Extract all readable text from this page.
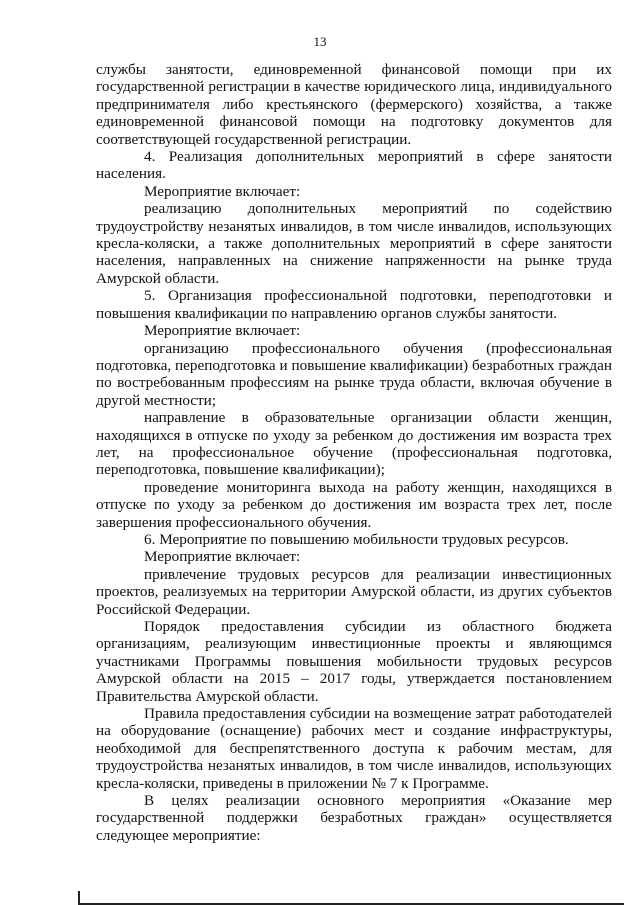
13

службы занятости, единовременной финансовой помощи при их государственной регистрации в качестве юридического лица, индивидуального предпринимателя либо крестьянского (фермерского) хозяйства, а также единовременной финансовой помощи на подготовку документов для соответствующей государственной регистрации.

4. Реализация дополнительных мероприятий в сфере занятости населения.

Мероприятие включает:

реализацию дополнительных мероприятий по содействию трудоустройству незанятых инвалидов, в том числе инвалидов, использующих кресла-коляски, а также дополнительных мероприятий в сфере занятости населения, направленных на снижение напряженности на рынке труда Амурской области.

5. Организация профессиональной подготовки, переподготовки и повышения квалификации по направлению органов службы занятости.

Мероприятие включает:

организацию профессионального обучения (профессиональная подготовка, переподготовка и повышение квалификации) безработных граждан по востребованным профессиям на рынке труда области, включая обучение в другой местности;

направление в образовательные организации области женщин, находящихся в отпуске по уходу за ребенком до достижения им возраста трех лет, на профессиональное обучение (профессиональная подготовка, переподготовка, повышение квалификации);

проведение мониторинга выхода на работу женщин, находящихся в отпуске по уходу за ребенком до достижения им возраста трех лет, после завершения профессионального обучения.

6. Мероприятие по повышению мобильности трудовых ресурсов.

Мероприятие включает:

привлечение трудовых ресурсов для реализации инвестиционных проектов, реализуемых на территории Амурской области, из других субъектов Российской Федерации.

Порядок предоставления субсидии из областного бюджета организациям, реализующим инвестиционные проекты и являющимся участниками Программы повышения мобильности трудовых ресурсов Амурской области на 2015 – 2017 годы, утверждается постановлением Правительства Амурской области.

Правила предоставления субсидии на возмещение затрат работодателей на оборудование (оснащение) рабочих мест и создание инфраструктуры, необходимой для беспрепятственного доступа к рабочим местам, для трудоустройства незанятых инвалидов, в том числе инвалидов, использующих кресла-коляски, приведены в приложении № 7 к Программе.

В целях реализации основного мероприятия «Оказание мер государственной поддержки безработных граждан» осуществляется следующее мероприятие:
